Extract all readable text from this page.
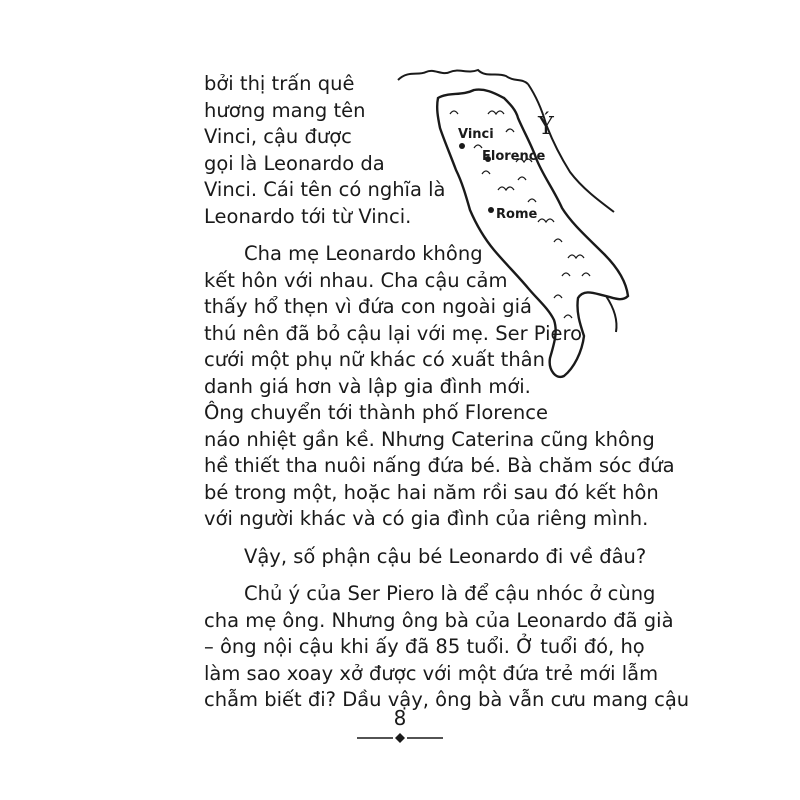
bởi thị trấn quê
hương mang tên
Vinci, cậu được
gọi là Leonardo da
Vinci. Cái tên có nghĩa là
Leonardo tới từ Vinci.
Cha mẹ Leonardo không
kết hôn với nhau. Cha cậu cảm
thấy hổ thẹn vì đứa con ngoài giá
thú nên đã bỏ cậu lại với mẹ. Ser Piero
cưới một phụ nữ khác có xuất thân
danh giá hơn và lập gia đình mới.
Ông chuyển tới thành phố Florence
náo nhiệt gần kề. Nhưng Caterina cũng không
hề thiết tha nuôi nấng đứa bé. Bà chăm sóc đứa
bé trong một, hoặc hai năm rồi sau đó kết hôn
với người khác và có gia đình của riêng mình.
Vậy, số phận cậu bé Leonardo đi về đâu?
Chủ ý của Ser Piero là để cậu nhóc ở cùng
cha mẹ ông. Nhưng ông bà của Leonardo đã già
– ông nội cậu khi ấy đã 85 tuổi. Ở tuổi đó, họ
làm sao xoay xở được với một đứa trẻ mới lẫm
chẫm biết đi? Dầu vậy, ông bà vẫn cưu mang cậu
Vinci
Florence
Rome
Ý
8
